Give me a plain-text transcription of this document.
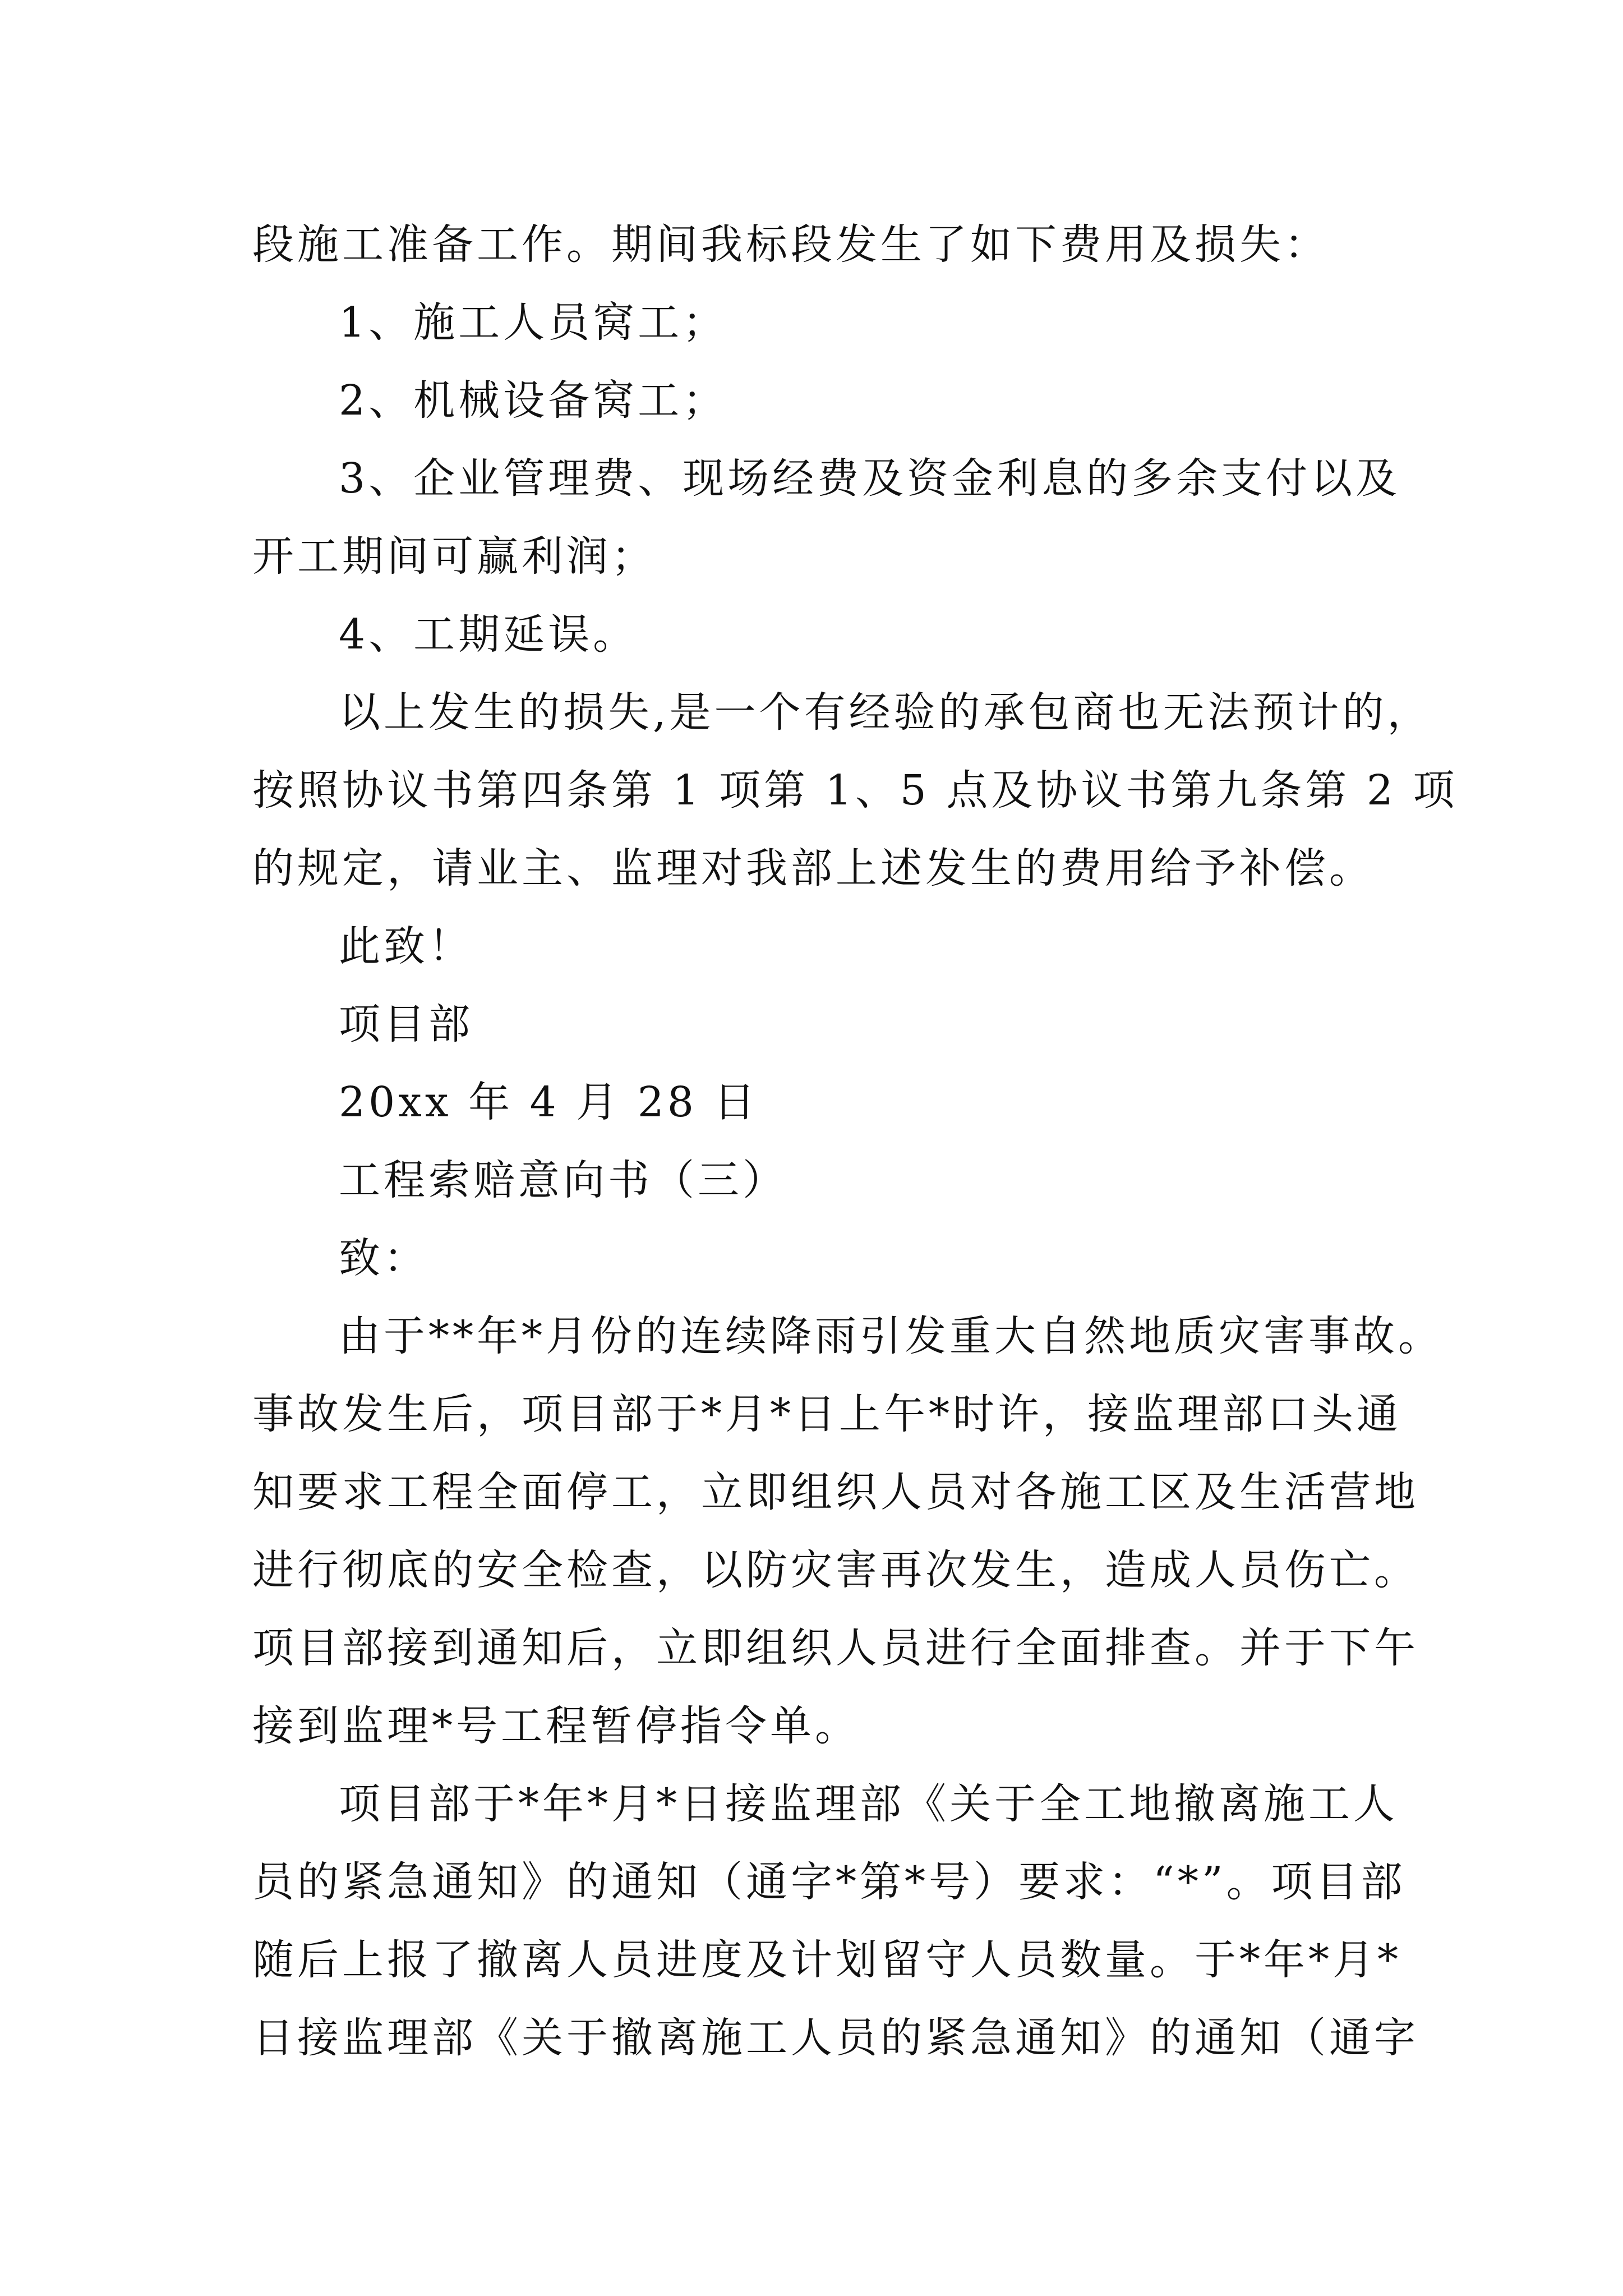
段施工准备工作。期间我标段发生了如下费用及损失：
1、施工人员窝工；
2、机械设备窝工；
3、企业管理费、现场经费及资金利息的多余支付以及
开工期间可赢利润；
4、工期延误。
以上发生的损失,是一个有经验的承包商也无法预计的，
按照协议书第四条第 1 项第 1、5 点及协议书第九条第 2 项
的规定，请业主、监理对我部上述发生的费用给予补偿。
此致！
项目部
20xx 年 4 月 28 日
工程索赔意向书（三）
致：
由于**年*月份的连续降雨引发重大自然地质灾害事故。
事故发生后，项目部于*月*日上午*时许，接监理部口头通
知要求工程全面停工，立即组织人员对各施工区及生活营地
进行彻底的安全检查，以防灾害再次发生，造成人员伤亡。
项目部接到通知后，立即组织人员进行全面排查。并于下午
接到监理*号工程暂停指令单。
项目部于*年*月*日接监理部《关于全工地撤离施工人
员的紧急通知》的通知（通字*第*号）要求：“*”。项目部
随后上报了撤离人员进度及计划留守人员数量。于*年*月*
日接监理部《关于撤离施工人员的紧急通知》的通知（通字
